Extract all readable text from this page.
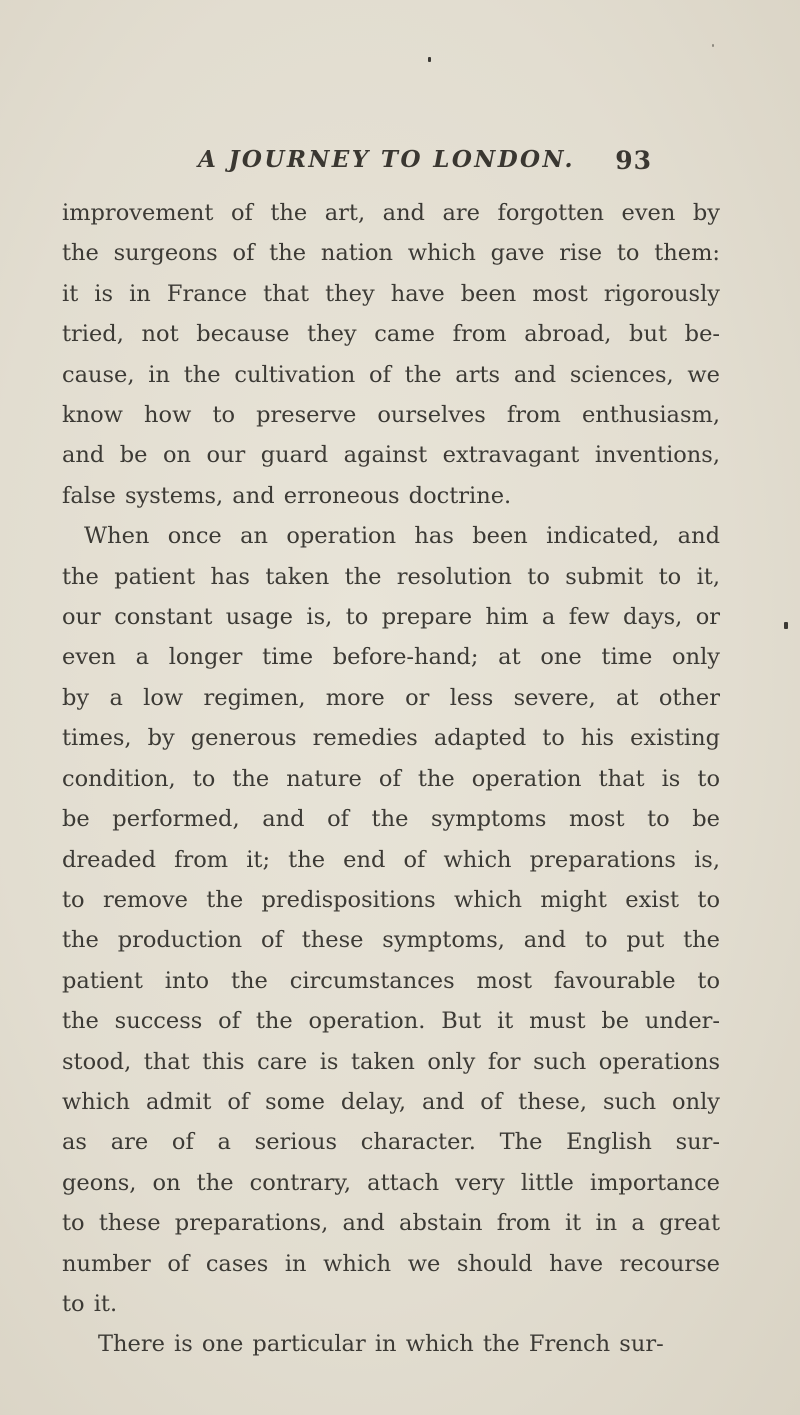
A JOURNEY TO LONDON. 93

improvement of the art, and are forgotten even by
the surgeons of the nation which gave rise to them:
it is in France that they have been most rigorously
tried, not because they came from abroad, but be-
cause, in the cultivation of the arts and sciences, we
know how to preserve ourselves from enthusiasm,
and be on our guard against extravagant inventions,
false systems, and erroneous doctrine.

When once an operation has been indicated, and
the patient has taken the resolution to submit to it,
our constant usage is, to prepare him a few days, or
even a longer time before-hand; at one time only
by a low regimen, more or less severe, at other
times, by generous remedies adapted to his existing
condition, to the nature of the operation that is to
be performed, and of the symptoms most to be
dreaded from it; the end of which preparations is,
to remove the predispositions which might exist to
the production of these symptoms, and to put the
patient into the circumstances most favourable to
the success of the operation. But it must be under-
stood, that this care is taken only for such operations
which admit of some delay, and of these, such only
as are of a serious character. The English sur-
geons, on the contrary, attach very little importance
to these preparations, and abstain from it in a great
number of cases in which we should have recourse
to it.

There is one particular in which the French sur-
